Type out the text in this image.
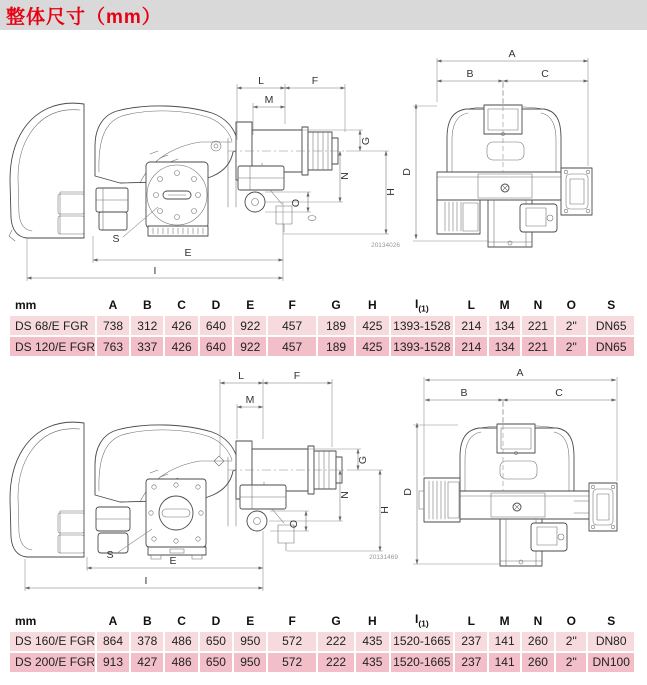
整体尺寸（mm）
L	F
M
G
N
H
O
D
E
I
S
A
B	C
20134026
mm	A	B	C	D	E	F	G	H	$I_{(1)}$	L	M	N	O	S
DS 68/E FGR	738	312	426	640	922	457	189	425	1393-1528	214	134	221	2"	DN65
DS 120/E FGR	763	337	426	640	922	457	189	425	1393-1528	214	134	221	2"	DN65
L	F
M
G
N
H
O
D
E
I
S
A
B	C
20131469
mm	A	B	C	D	E	F	G	H	$I_{(1)}$	L	M	N	O	S
DS 160/E FGR	864	378	486	650	950	572	222	435	1520-1665	237	141	260	2"	DN80
DS 200/E FGR	913	427	486	650	950	572	222	435	1520-1665	237	141	260	2"	DN100
